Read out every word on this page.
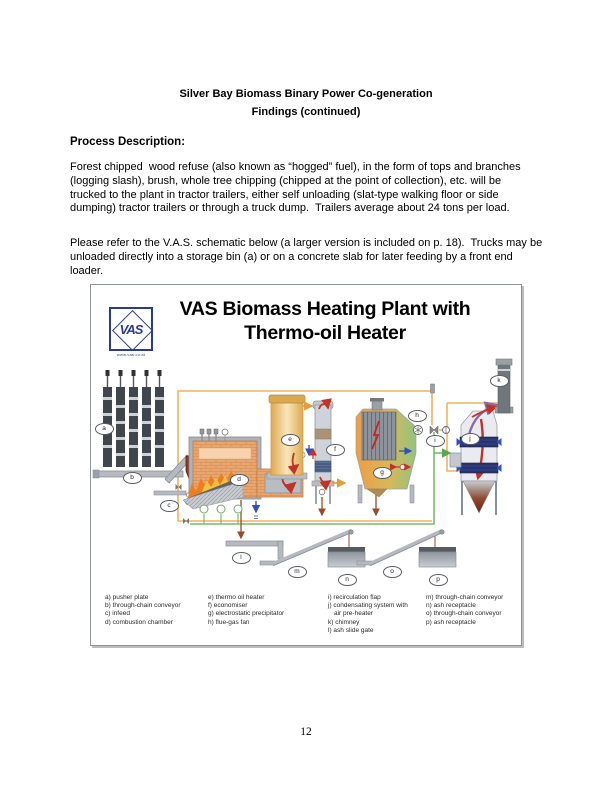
Silver Bay Biomass Binary Power Co-generation
Findings (continued)
Process Description:
Forest chipped  wood refuse (also known as “hogged” fuel), in the form of tops and branches
(logging slash), brush, whole tree chipping (chipped at the point of collection), etc. will be
trucked to the plant in tractor trailers, either self unloading (slat-type walking floor or side
dumping) tractor trailers or through a truck dump.  Trailers average about 24 tons per load.
Please refer to the V.A.S. schematic below (a larger version is included on p. 18).  Trucks may be
unloaded directly into a storage bin (a) or on a concrete slab for later feeding by a front end
loader.
VAS
www.vas.co.at
VAS Biomass Heating Plant with
Thermo-oil Heater
a
b
c
d
e
f
g
h
i	j
k
l
m
n
o
p
a) pusher plate
b) through-chain conveyor
c) infeed
d) combustion chamber
e) thermo oil heater
f) economiser
g) electrostatic precipitator
h) flue-gas fan
i) recirculation flap
j) condensating system with
air pre-heater
k) chimney
l) ash slide gate
m) through-chain conveyor
n) ash receptacle
o) through-chain conveyor
p) ash receptacle
12
